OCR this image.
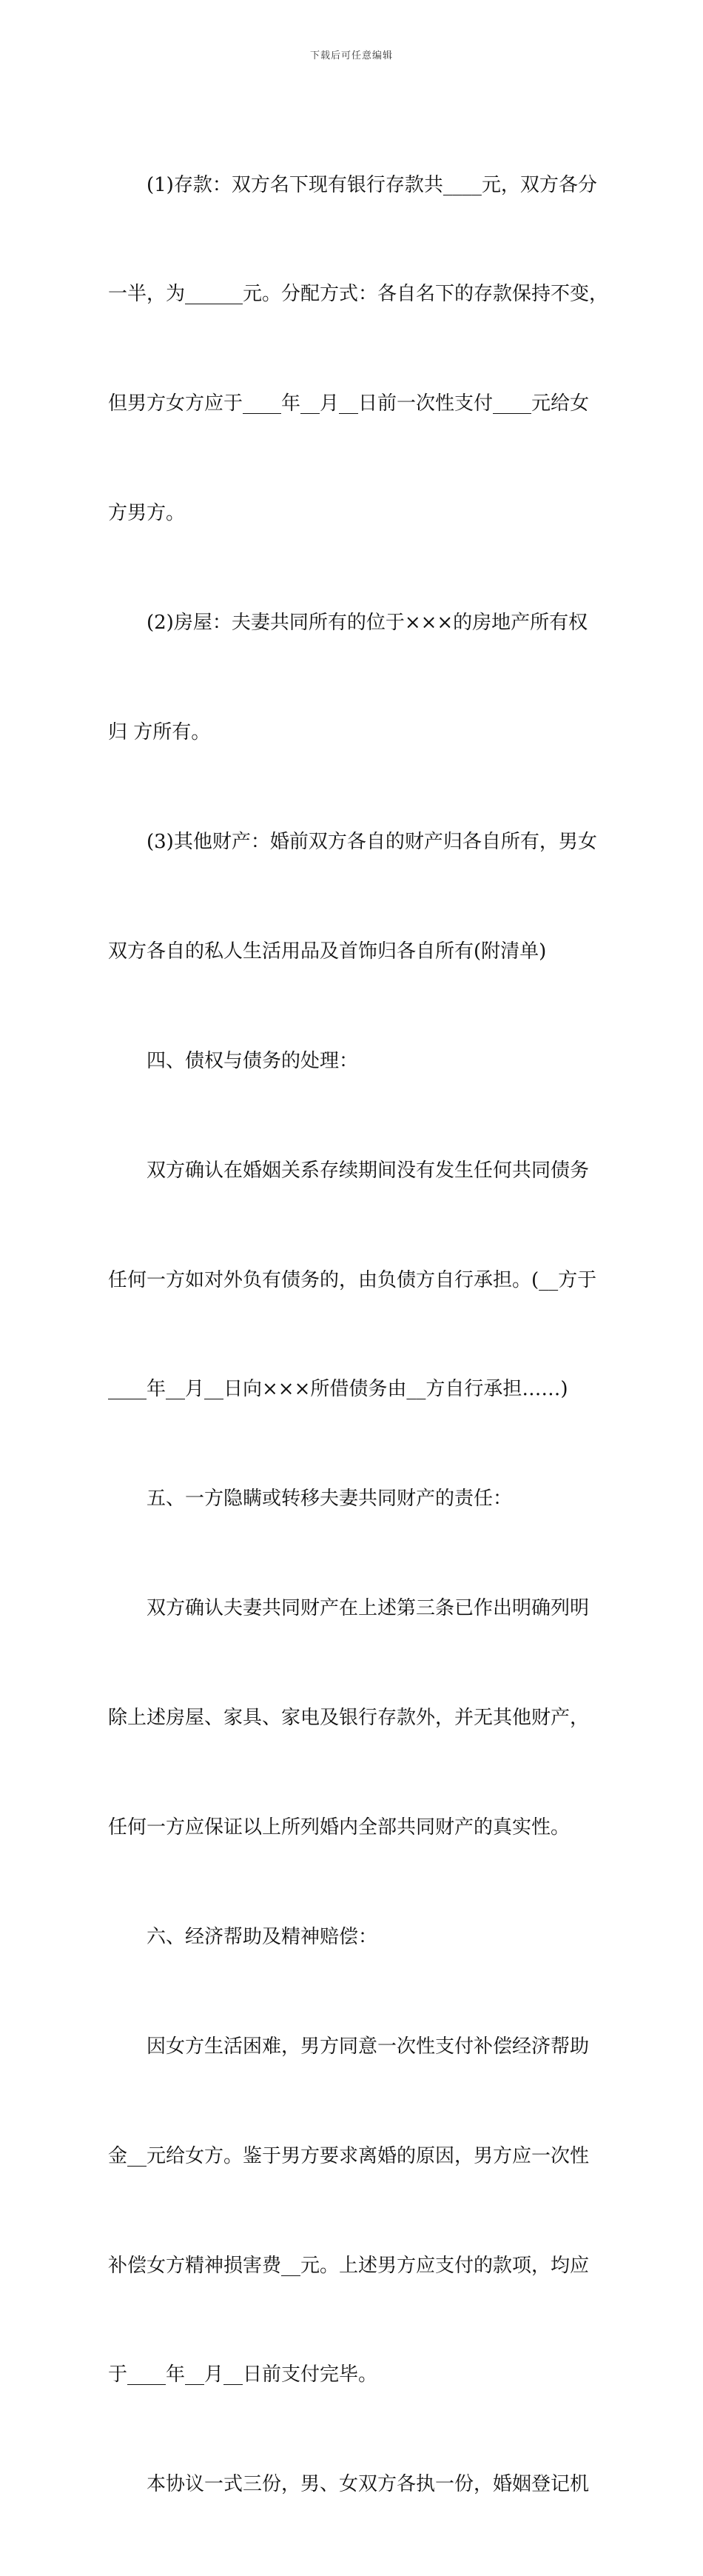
下载后可任意编辑

(1)存款：双方名下现有银行存款共____元，双方各分

一半，为______元。分配方式：各自名下的存款保持不变，

但男方女方应于____年__月__日前一次性支付____元给女

方男方。

(2)房屋：夫妻共同所有的位于×××的房地产所有权

归 方所有。

(3)其他财产：婚前双方各自的财产归各自所有，男女

双方各自的私人生活用品及首饰归各自所有(附清单)

四、债权与债务的处理：

双方确认在婚姻关系存续期间没有发生任何共同债务

任何一方如对外负有债务的，由负债方自行承担。(__方于

____年__月__日向×××所借债务由__方自行承担……)

五、一方隐瞒或转移夫妻共同财产的责任：

双方确认夫妻共同财产在上述第三条已作出明确列明

除上述房屋、家具、家电及银行存款外，并无其他财产，

任何一方应保证以上所列婚内全部共同财产的真实性。

六、经济帮助及精神赔偿：

因女方生活困难，男方同意一次性支付补偿经济帮助

金__元给女方。鉴于男方要求离婚的原因，男方应一次性

补偿女方精神损害费__元。上述男方应支付的款项，均应

于____年__月__日前支付完毕。

本协议一式三份，男、女双方各执一份，婚姻登记机
